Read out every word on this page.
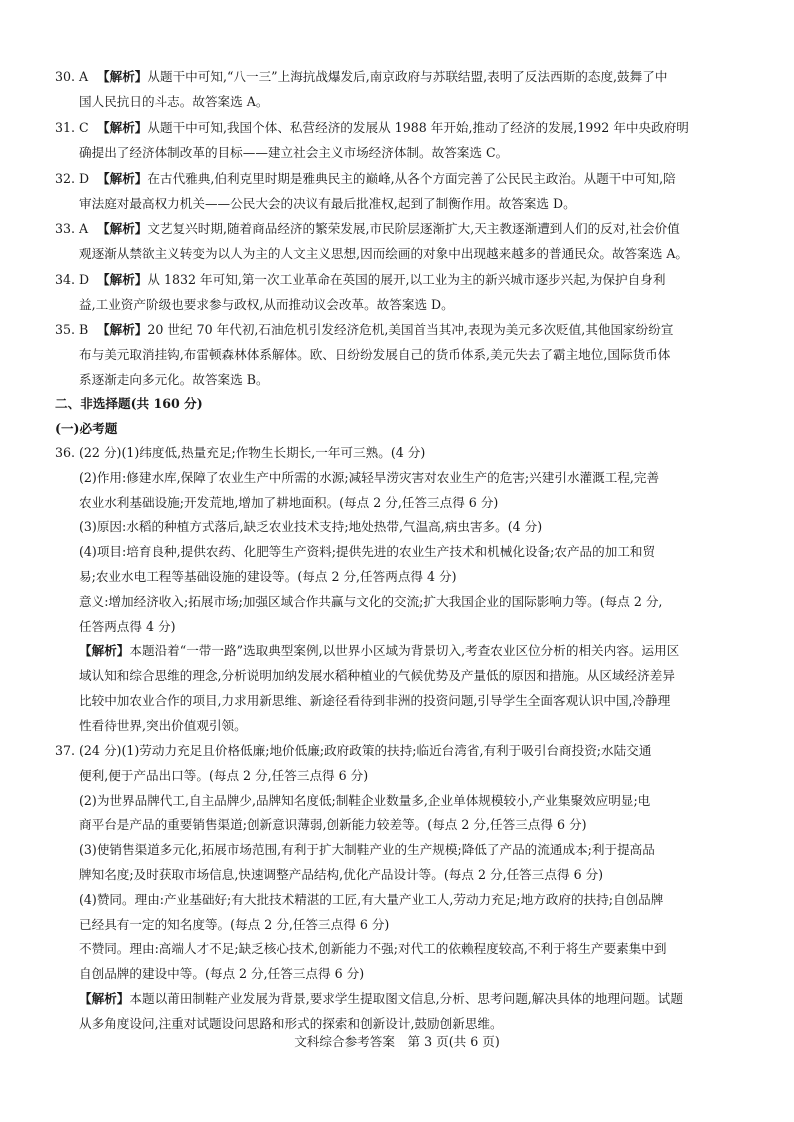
30. A 【解析】从题干中可知,“八一三”上海抗战爆发后,南京政府与苏联结盟,表明了反法西斯的态度,鼓舞了中
国人民抗日的斗志。故答案选 A。
31. C 【解析】从题干中可知,我国个体、私营经济的发展从 1988 年开始,推动了经济的发展,1992 年中央政府明
确提出了经济体制改革的目标——建立社会主义市场经济体制。故答案选 C。
32. D 【解析】在古代雅典,伯利克里时期是雅典民主的巅峰,从各个方面完善了公民民主政治。从题干中可知,陪
审法庭对最高权力机关——公民大会的决议有最后批准权,起到了制衡作用。故答案选 D。
33. A 【解析】文艺复兴时期,随着商品经济的繁荣发展,市民阶层逐渐扩大,天主教逐渐遭到人们的反对,社会价值
观逐渐从禁欲主义转变为以人为主的人文主义思想,因而绘画的对象中出现越来越多的普通民众。故答案选 A。
34. D 【解析】从 1832 年可知,第一次工业革命在英国的展开,以工业为主的新兴城市逐步兴起,为保护自身利
益,工业资产阶级也要求参与政权,从而推动议会改革。故答案选 D。
35. B 【解析】20 世纪 70 年代初,石油危机引发经济危机,美国首当其冲,表现为美元多次贬值,其他国家纷纷宣
布与美元取消挂钩,布雷顿森林体系解体。欧、日纷纷发展自己的货币体系,美元失去了霸主地位,国际货币体
系逐渐走向多元化。故答案选 B。
二、非选择题(共 160 分)
(一)必考题
36. (22 分)(1)纬度低,热量充足;作物生长期长,一年可三熟。(4 分)
(2)作用:修建水库,保障了农业生产中所需的水源;减轻旱涝灾害对农业生产的危害;兴建引水灌溉工程,完善
农业水利基础设施;开发荒地,增加了耕地面积。(每点 2 分,任答三点得 6 分)
(3)原因:水稻的种植方式落后,缺乏农业技术支持;地处热带,气温高,病虫害多。(4 分)
(4)项目:培育良种,提供农药、化肥等生产资料;提供先进的农业生产技术和机械化设备;农产品的加工和贸
易;农业水电工程等基础设施的建设等。(每点 2 分,任答两点得 4 分)
意义:增加经济收入;拓展市场;加强区域合作共赢与文化的交流;扩大我国企业的国际影响力等。(每点 2 分,
任答两点得 4 分)
【解析】本题沿着“一带一路”选取典型案例,以世界小区域为背景切入,考查农业区位分析的相关内容。运用区
域认知和综合思维的理念,分析说明加纳发展水稻种植业的气候优势及产量低的原因和措施。从区域经济差异
比较中加农业合作的项目,力求用新思维、新途径看待到非洲的投资问题,引导学生全面客观认识中国,冷静理
性看待世界,突出价值观引领。
37. (24 分)(1)劳动力充足且价格低廉;地价低廉;政府政策的扶持;临近台湾省,有利于吸引台商投资;水陆交通
便利,便于产品出口等。(每点 2 分,任答三点得 6 分)
(2)为世界品牌代工,自主品牌少,品牌知名度低;制鞋企业数量多,企业单体规模较小,产业集聚效应明显;电
商平台是产品的重要销售渠道;创新意识薄弱,创新能力较差等。(每点 2 分,任答三点得 6 分)
(3)使销售渠道多元化,拓展市场范围,有利于扩大制鞋产业的生产规模;降低了产品的流通成本;利于提高品
牌知名度;及时获取市场信息,快速调整产品结构,优化产品设计等。(每点 2 分,任答三点得 6 分)
(4)赞同。理由:产业基础好;有大批技术精湛的工匠,有大量产业工人,劳动力充足;地方政府的扶持;自创品牌
已经具有一定的知名度等。(每点 2 分,任答三点得 6 分)
不赞同。理由:高端人才不足;缺乏核心技术,创新能力不强;对代工的依赖程度较高,不利于将生产要素集中到
自创品牌的建设中等。(每点 2 分,任答三点得 6 分)
【解析】本题以莆田制鞋产业发展为背景,要求学生提取图文信息,分析、思考问题,解决具体的地理问题。试题
从多角度设问,注重对试题设问思路和形式的探索和创新设计,鼓励创新思维。
文科综合参考答案　第 3 页(共 6 页)
